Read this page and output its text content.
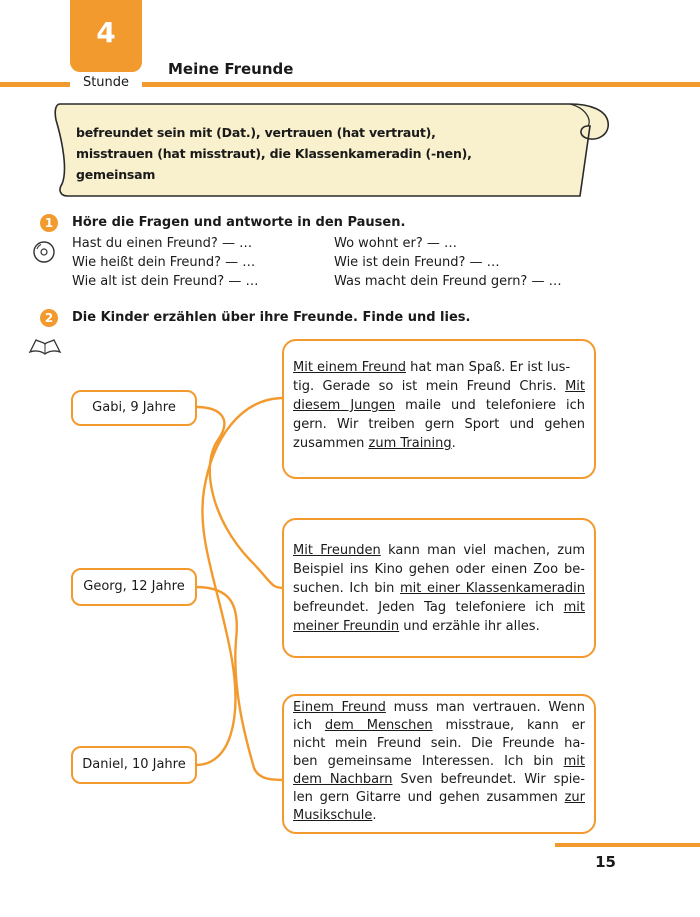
4
Stunde
Meine Freunde
befreundet sein mit (Dat.), vertrauen (hat vertraut),
misstrauen (hat misstraut), die Klassenkameradin (-nen),
gemeinsam
1	Höre die Fragen und antworte in den Pausen.
Hast du einen Freund? — …
Wie heißt dein Freund? — …
Wie alt ist dein Freund? — …
Wo wohnt er? — …
Wie ist dein Freund? — …
Was macht dein Freund gern? — …
2	Die Kinder erzählen über ihre Freunde. Finde und lies.
Gabi, 9 Jahre
Georg, 12 Jahre
Daniel, 10 Jahre
Mit einem Freund hat man Spaß. Er ist lus-
tig. Gerade so ist mein Freund Chris. Mit
diesem Jungen maile und telefoniere ich
gern. Wir treiben gern Sport und gehen
zusammen zum Training.
Mit Freunden kann man viel machen, zum
Beispiel ins Kino gehen oder einen Zoo be-
suchen. Ich bin mit einer Klassenkameradin
befreundet. Jeden Tag telefoniere ich mit
meiner Freundin und erzähle ihr alles.
Einem Freund muss man vertrauen. Wenn
ich dem Menschen misstraue, kann er
nicht mein Freund sein. Die Freunde ha-
ben gemeinsame Interessen. Ich bin mit
dem Nachbarn Sven befreundet. Wir spie-
len gern Gitarre und gehen zusammen zur
Musikschule.
15
